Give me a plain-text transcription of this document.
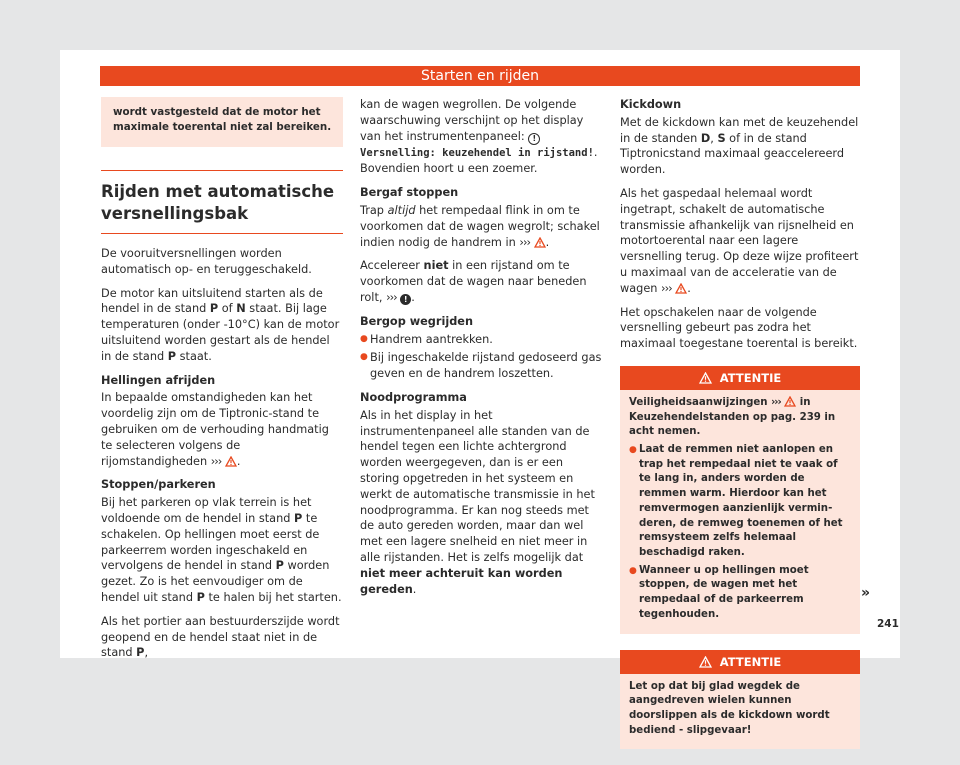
Starten en rijden
wordt vastgesteld dat de motor het maximale toerental niet zal bereiken.
Rijden met automatische versnellingsbak

De vooruitversnellingen worden automatisch op- en teruggeschakeld.

De motor kan uitsluitend starten als de hendel in de stand P of N staat. Bij lage temperaturen (onder -10°C) kan de motor uitsluitend worden gestart als de hendel in de stand P staat.

Hellingen afrijden

In bepaalde omstandigheden kan het voordelig zijn om de Tiptronic-stand te gebruiken om de verhouding handmatig te selecteren volgens de rijomstandigheden ››› .

Stoppen/parkeren

Bij het parkeren op vlak terrein is het voldoende om de hendel in stand P te schakelen. Op hellingen moet eerst de parkeerrem worden ingeschakeld en vervolgens de hendel in stand P worden gezet. Zo is het eenvoudiger om de hendel uit stand P te halen bij het starten.

Als het portier aan bestuurderszijde wordt geopend en de hendel staat niet in de stand P,

kan de wagen wegrollen. De volgende waarschuwing verschijnt op het display van het instrumentenpaneel: ! Versnelling: keuzehendel in rijstand!. Bovendien hoort u een zoemer.

Bergaf stoppen

Trap altijd het rempedaal flink in om te voorkomen dat de wagen wegrolt; schakel indien nodig de handrem in ››› .

Accelereer niet in een rijstand om te voorkomen dat de wagen naar beneden rolt, ››› ! .

Bergop wegrijden

● Handrem aantrekken.

● Bij ingeschakelde rijstand gedoseerd gas geven en de handrem loszetten.

Noodprogramma

Als in het display in het instrumentenpaneel alle standen van de hendel tegen een lichte achtergrond worden weergegeven, dan is er een storing opgetreden in het systeem en werkt de automatische transmissie in het noodprogramma. Er kan nog steeds met de auto gereden worden, maar dan wel met een lagere snelheid en niet meer in alle rijstanden. Het is zelfs mogelijk dat niet meer achteruit kan worden gereden.

Kickdown

Met de kickdown kan met de keuzehendel in de standen D, S of in de stand Tiptronicstand maximaal geaccelereerd worden.

Als het gaspedaal helemaal wordt ingetrapt, schakelt de automatische transmissie afhankelijk van rijsnelheid en motortoerental naar een lagere versnelling terug. Op deze wijze profiteert u maximaal van de acceleratie van de wagen ››› .

Het opschakelen naar de volgende versnelling gebeurt pas zodra het maximaal toegestane toerental is bereikt.

ATTENTIE

Veiligheidsaanwijzingen ›››  in Keuzehendelstanden op pag. 239 in acht nemen.

● Laat de remmen niet aanlopen en trap het rempedaal niet te vaak of te lang in, anders worden de remmen warm. Hierdoor kan het remvermogen aanzienlijk verminderen, de remweg toenemen of het remsysteem zelfs helemaal beschadigd raken.

● Wanneer u op hellingen moet stoppen, de wagen met het rempedaal of de parkeerrem tegenhouden.

ATTENTIE

Let op dat bij glad wegdek de aangedreven wielen kunnen doorslippen als de kickdown wordt bediend - slipgevaar!

»
241
